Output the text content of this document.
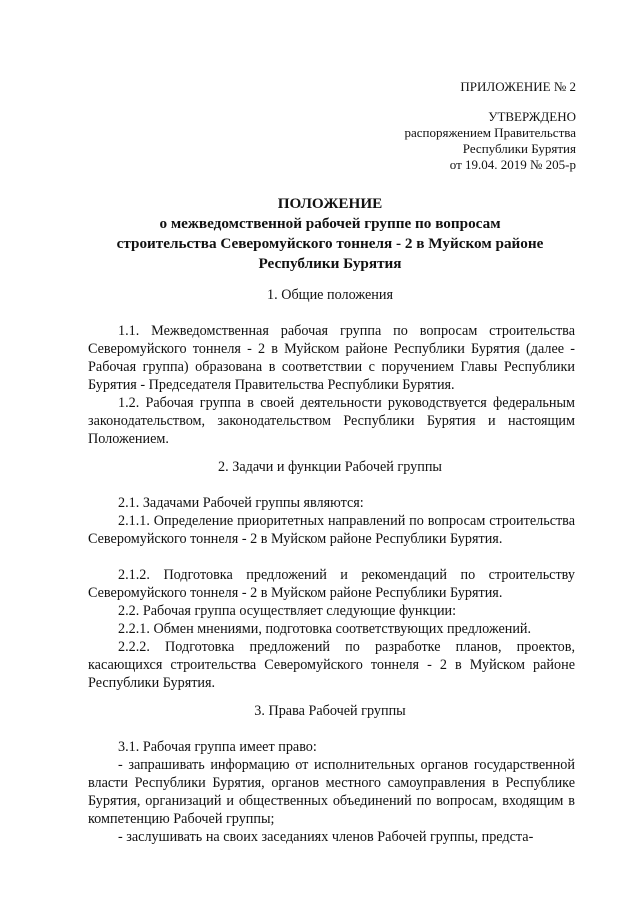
ПРИЛОЖЕНИЕ № 2
УТВЕРЖДЕНО
распоряжением Правительства
Республики Бурятия
от 19.04. 2019 № 205-р
ПОЛОЖЕНИЕ
о межведомственной рабочей группе по вопросам
строительства Северомуйского тоннеля - 2 в Муйском районе
Республики Бурятия
1. Общие положения

1.1. Межведомственная рабочая группа по вопросам строительства Северомуйского тоннеля - 2 в Муйском районе Республики Бурятия (далее - Рабочая группа) образована в соответствии с поручением Главы Республики Бурятия - Председателя Правительства Республики Бурятия.

1.2. Рабочая группа в своей деятельности руководствуется федеральным законодательством, законодательством Республики Бурятия и настоящим Положением.

2. Задачи и функции Рабочей группы

2.1. Задачами Рабочей группы являются:

2.1.1. Определение приоритетных направлений по вопросам строительства Северомуйского тоннеля - 2 в Муйском районе Республики Бурятия.

2.1.2. Подготовка предложений и рекомендаций по строительству Северомуйского тоннеля - 2 в Муйском районе Республики Бурятия.

2.2. Рабочая группа осуществляет следующие функции:

2.2.1. Обмен мнениями, подготовка соответствующих предложений.

2.2.2. Подготовка предложений по разработке планов, проектов, касающихся строительства Северомуйского тоннеля - 2 в Муйском районе Республики Бурятия.

3. Права Рабочей группы

3.1. Рабочая группа имеет право:

- запрашивать информацию от исполнительных органов государственной власти Республики Бурятия, органов местного самоуправления в Республике Бурятия, организаций и общественных объединений по вопросам, входящим в компетенцию Рабочей группы;

- заслушивать на своих заседаниях членов Рабочей группы, предста-
